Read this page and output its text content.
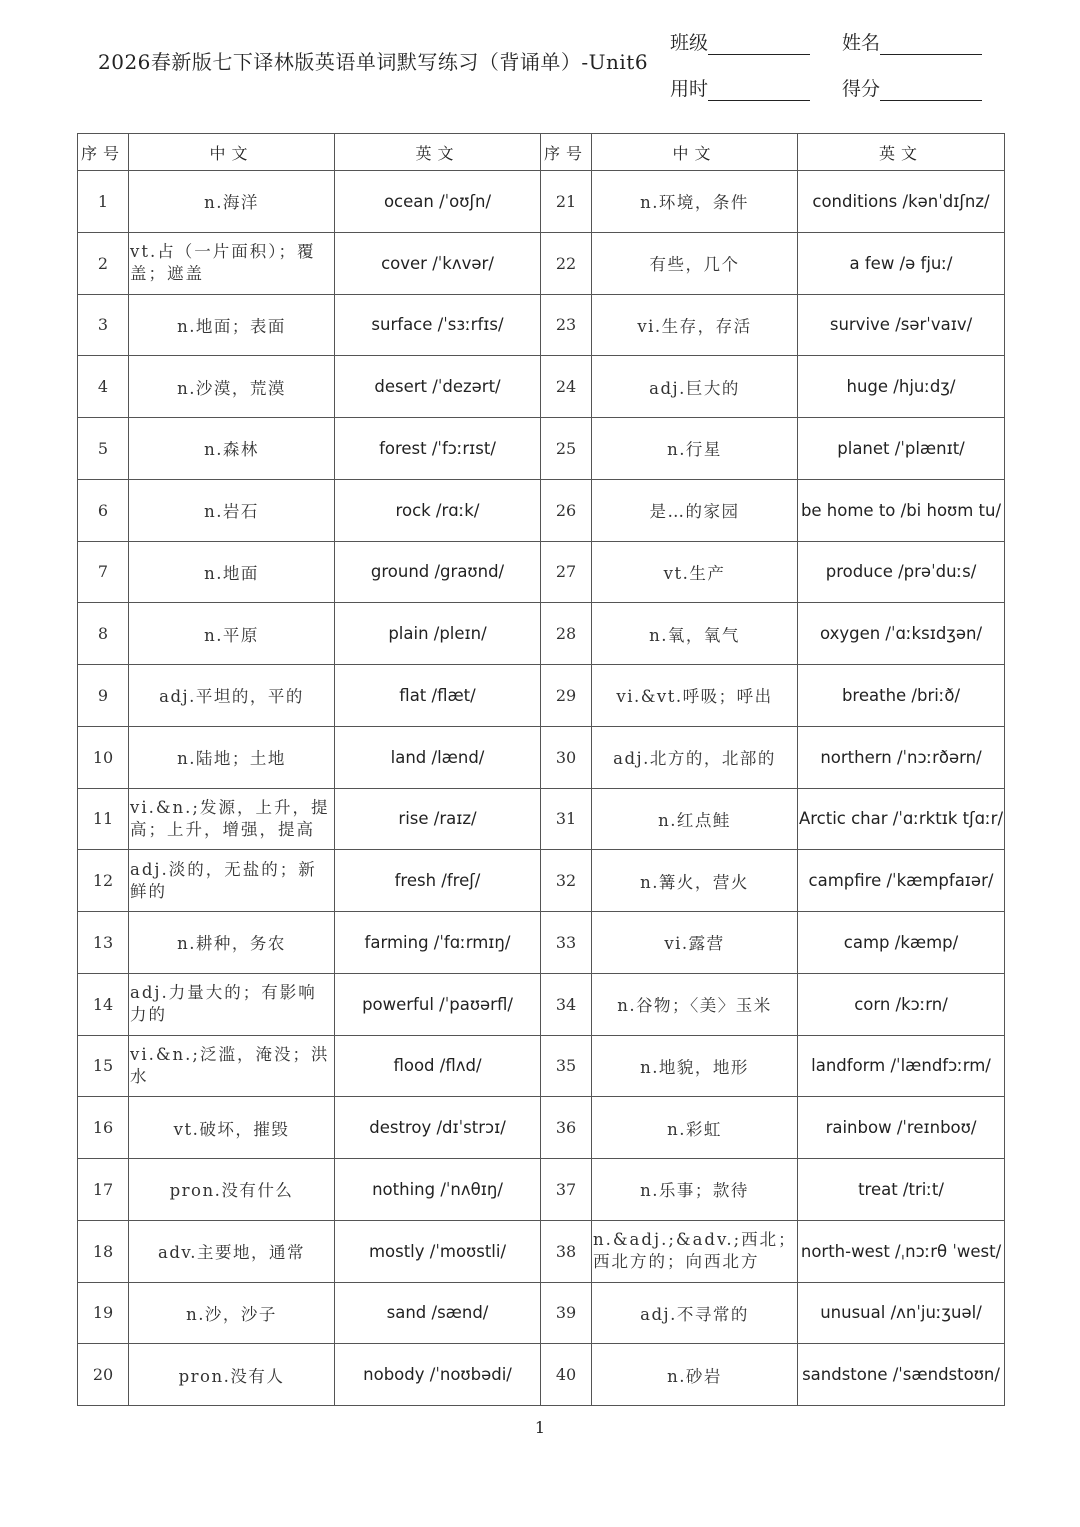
2026春新版七下译林版英语单词默写练习（背诵单）-Unit6
班级	姓名
用时	得分
序号	中文	英文	序号	中文	英文
1	n.海洋	ocean /ˈoʊʃn/	21	n.环境，条件	conditions /kənˈdɪʃnz/
2	vt.占（一片面积）；覆盖；遮盖	cover /ˈkʌvər/	22	有些，几个	a few /ə fjuː/
3	n.地面；表面	surface /ˈsɜːrfɪs/	23	vi.生存，存活	survive /sərˈvaɪv/
4	n.沙漠，荒漠	desert /ˈdezərt/	24	adj.巨大的	huge /hjuːdʒ/
5	n.森林	forest /ˈfɔːrɪst/	25	n.行星	planet /ˈplænɪt/
6	n.岩石	rock /rɑːk/	26	是…的家园	be home to /bi hoʊm tu/
7	n.地面	ground /graʊnd/	27	vt.生产	produce /prəˈduːs/
8	n.平原	plain /pleɪn/	28	n.氧，氧气	oxygen /ˈɑːksɪdʒən/
9	adj.平坦的，平的	flat /flæt/	29	vi.&vt.呼吸；呼出	breathe /briːð/
10	n.陆地；土地	land /lænd/	30	adj.北方的，北部的	northern /ˈnɔːrðərn/
11	vi.&n.;发源，上升，提高；上升，增强，提高	rise /raɪz/	31	n.红点鲑	Arctic char /ˈɑːrktɪk tʃɑːr/
12	adj.淡的，无盐的；新鲜的	fresh /freʃ/	32	n.篝火，营火	campfire /ˈkæmpfaɪər/
13	n.耕种，务农	farming /ˈfɑːrmɪŋ/	33	vi.露营	camp /kæmp/
14	adj.力量大的；有影响力的	powerful /ˈpaʊərfl/	34	n.谷物；〈美〉玉米	corn /kɔːrn/
15	vi.&n.;泛滥，淹没；洪水	flood /flʌd/	35	n.地貌，地形	landform /ˈlændfɔːrm/
16	vt.破坏，摧毁	destroy /dɪˈstrɔɪ/	36	n.彩虹	rainbow /ˈreɪnboʊ/
17	pron.没有什么	nothing /ˈnʌθɪŋ/	37	n.乐事；款待	treat /triːt/
18	adv.主要地，通常	mostly /ˈmoʊstli/	38	n.&adj.;&adv.;西北；西北方的；向西北方	north-west /ˌnɔːrθ ˈwest/
19	n.沙，沙子	sand /sænd/	39	adj.不寻常的	unusual /ʌnˈjuːʒuəl/
20	pron.没有人	nobody /ˈnoʊbədi/	40	n.砂岩	sandstone /ˈsændstoʊn/
1
